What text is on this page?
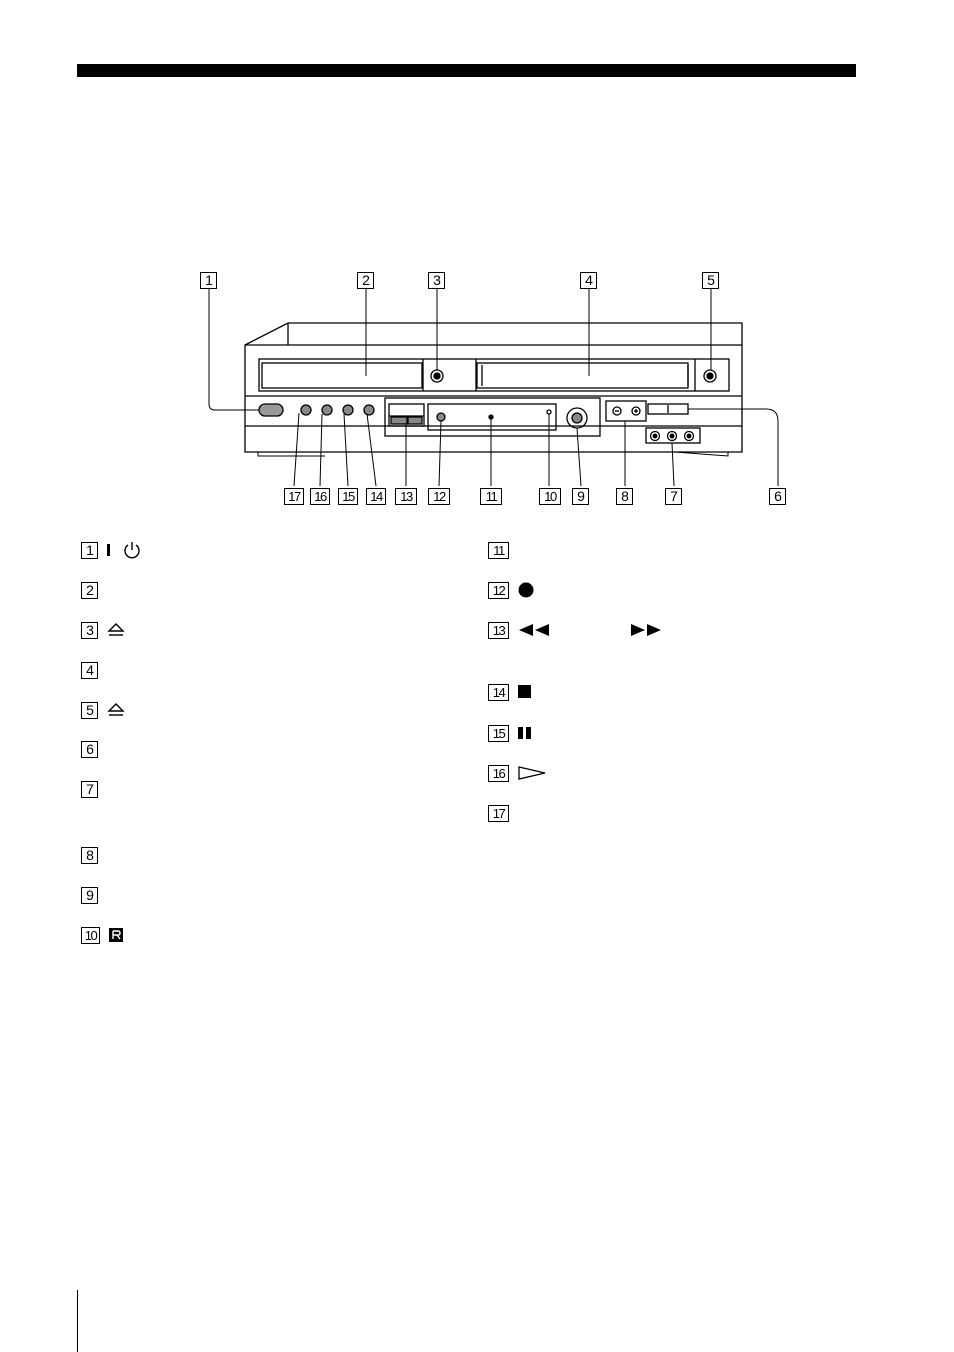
1	2	3	4	5
17	16	15	14	13	12	11	10	9	8	7	6
1
2
3
4
5
6
7
8
9
10
11
12
13
14
15
16
17
